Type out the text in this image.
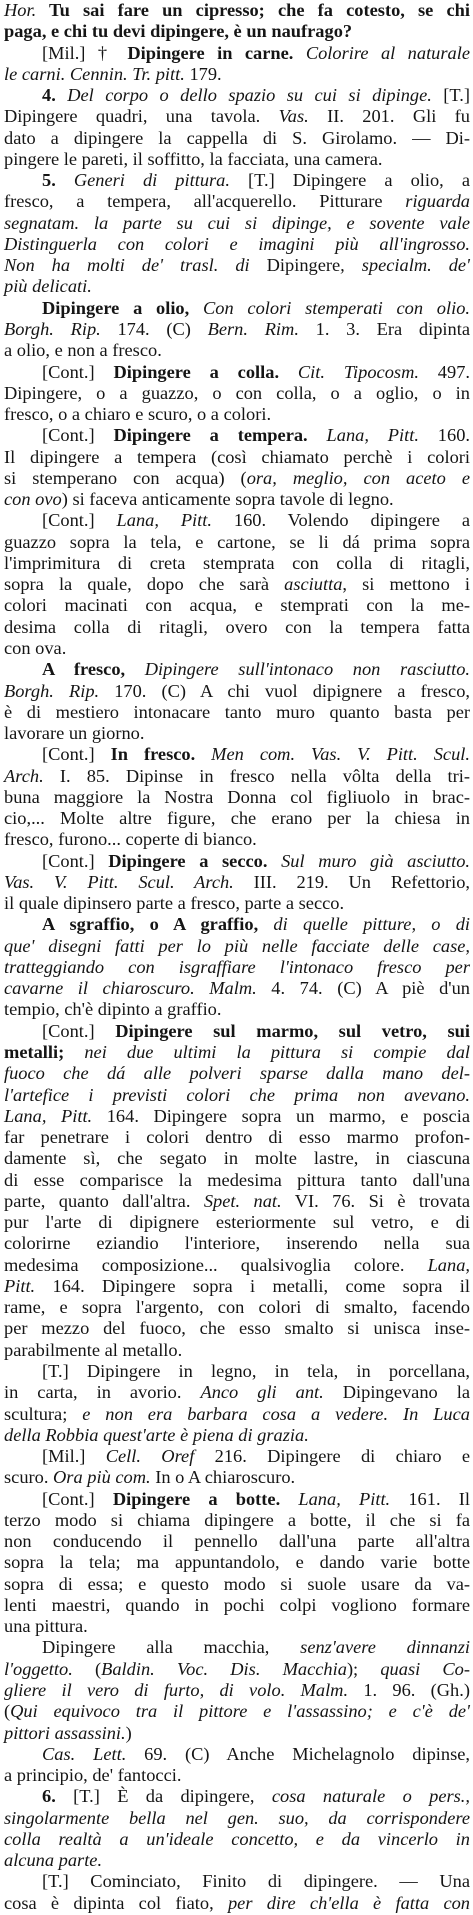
Hor. Tu sai fare un cipresso; che fa cotesto, se chi
paga, e chi tu devi dipingere, è un naufrago?
[Mil.] † Dipingere in carne. Colorire al naturale
le carni. Cennin. Tr. pitt. 179.
4. Del corpo o dello spazio su cui si dipinge. [T.]
Dipingere quadri, una tavola. Vas. II. 201. Gli fu
dato a dipingere la cappella di S. Girolamo. — Di-
pingere le pareti, il soffitto, la facciata, una camera.
5. Generi di pittura. [T.] Dipingere a olio, a
fresco, a tempera, all'acquerello. Pitturare riguarda
segnatam. la parte su cui si dipinge, e sovente vale
Distinguerla con colori e imagini più all'ingrosso.
Non ha molti de' trasl. di Dipingere, specialm. de'
più delicati.
Dipingere a olio, Con colori stemperati con olio.
Borgh. Rip. 174. (C) Bern. Rim. 1. 3. Era dipinta
a olio, e non a fresco.
[Cont.] Dipingere a colla. Cit. Tipocosm. 497.
Dipingere, o a guazzo, o con colla, o a oglio, o in
fresco, o a chiaro e scuro, o a colori.
[Cont.] Dipingere a tempera. Lana, Pitt. 160.
Il dipingere a tempera (così chiamato perchè i colori
si stemperano con acqua) (ora, meglio, con aceto e
con ovo) si faceva anticamente sopra tavole di legno.
[Cont.] Lana, Pitt. 160. Volendo dipingere a
guazzo sopra la tela, e cartone, se li dá prima sopra
l'imprimitura di creta stemprata con colla di ritagli,
sopra la quale, dopo che sarà asciutta, si mettono i
colori macinati con acqua, e stemprati con la me-
desima colla di ritagli, overo con la tempera fatta
con ova.
A fresco, Dipingere sull'intonaco non rasciutto.
Borgh. Rip. 170. (C) A chi vuol dipignere a fresco,
è di mestiero intonacare tanto muro quanto basta per
lavorare un giorno.
[Cont.] In fresco. Men com. Vas. V. Pitt. Scul.
Arch. I. 85. Dipinse in fresco nella vôlta della tri-
buna maggiore la Nostra Donna col figliuolo in brac-
cio,... Molte altre figure, che erano per la chiesa in
fresco, furono... coperte di bianco.
[Cont.] Dipingere a secco. Sul muro già asciutto.
Vas. V. Pitt. Scul. Arch. III. 219. Un Refettorio,
il quale dipinsero parte a fresco, parte a secco.
A sgraffio, o A graffio, di quelle pitture, o di
que' disegni fatti per lo più nelle facciate delle case,
tratteggiando con isgraffiare l'intonaco fresco per
cavarne il chiaroscuro. Malm. 4. 74. (C) A piè d'un
tempio, ch'è dipinto a graffio.
[Cont.] Dipingere sul marmo, sul vetro, sui
metalli; nei due ultimi la pittura si compie dal
fuoco che dá alle polveri sparse dalla mano del-
l'artefice i previsti colori che prima non avevano.
Lana, Pitt. 164. Dipingere sopra un marmo, e poscia
far penetrare i colori dentro di esso marmo profon-
damente sì, che segato in molte lastre, in ciascuna
di esse comparisce la medesima pittura tanto dall'una
parte, quanto dall'altra. Spet. nat. VI. 76. Si è trovata
pur l'arte di dipignere esteriormente sul vetro, e di
colorirne eziandio l'interiore, inserendo nella sua
medesima composizione... qualsivoglia colore. Lana,
Pitt. 164. Dipingere sopra i metalli, come sopra il
rame, e sopra l'argento, con colori di smalto, facendo
per mezzo del fuoco, che esso smalto si unisca inse-
parabilmente al metallo.
[T.] Dipingere in legno, in tela, in porcellana,
in carta, in avorio. Anco gli ant. Dipingevano la
scultura; e non era barbara cosa a vedere. In Luca
della Robbia quest'arte è piena di grazia.
[Mil.] Cell. Oref 216. Dipingere di chiaro e
scuro. Ora più com. In o A chiaroscuro.
[Cont.] Dipingere a botte. Lana, Pitt. 161. Il
terzo modo si chiama dipingere a botte, il che si fa
non conducendo il pennello dall'una parte all'altra
sopra la tela; ma appuntandolo, e dando varie botte
sopra di essa; e questo modo si suole usare da va-
lenti maestri, quando in pochi colpi vogliono formare
una pittura.
Dipingere alla macchia, senz'avere dinnanzi
l'oggetto. (Baldin. Voc. Dis. Macchia); quasi Co-
gliere il vero di furto, di volo. Malm. 1. 96. (Gh.)
(Qui equivoco tra il pittore e l'assassino; e c'è de'
pittori assassini.)
Cas. Lett. 69. (C) Anche Michelagnolo dipinse,
a principio, de' fantocci.
6. [T.] È da dipingere, cosa naturale o pers.,
singolarmente bella nel gen. suo, da corrispondere
colla realtà a un'ideale concetto, e da vincerlo in
alcuna parte.
[T.] Cominciato, Finito di dipingere. — Una
cosa è dipinta col fiato, per dire ch'ella è fatta con
